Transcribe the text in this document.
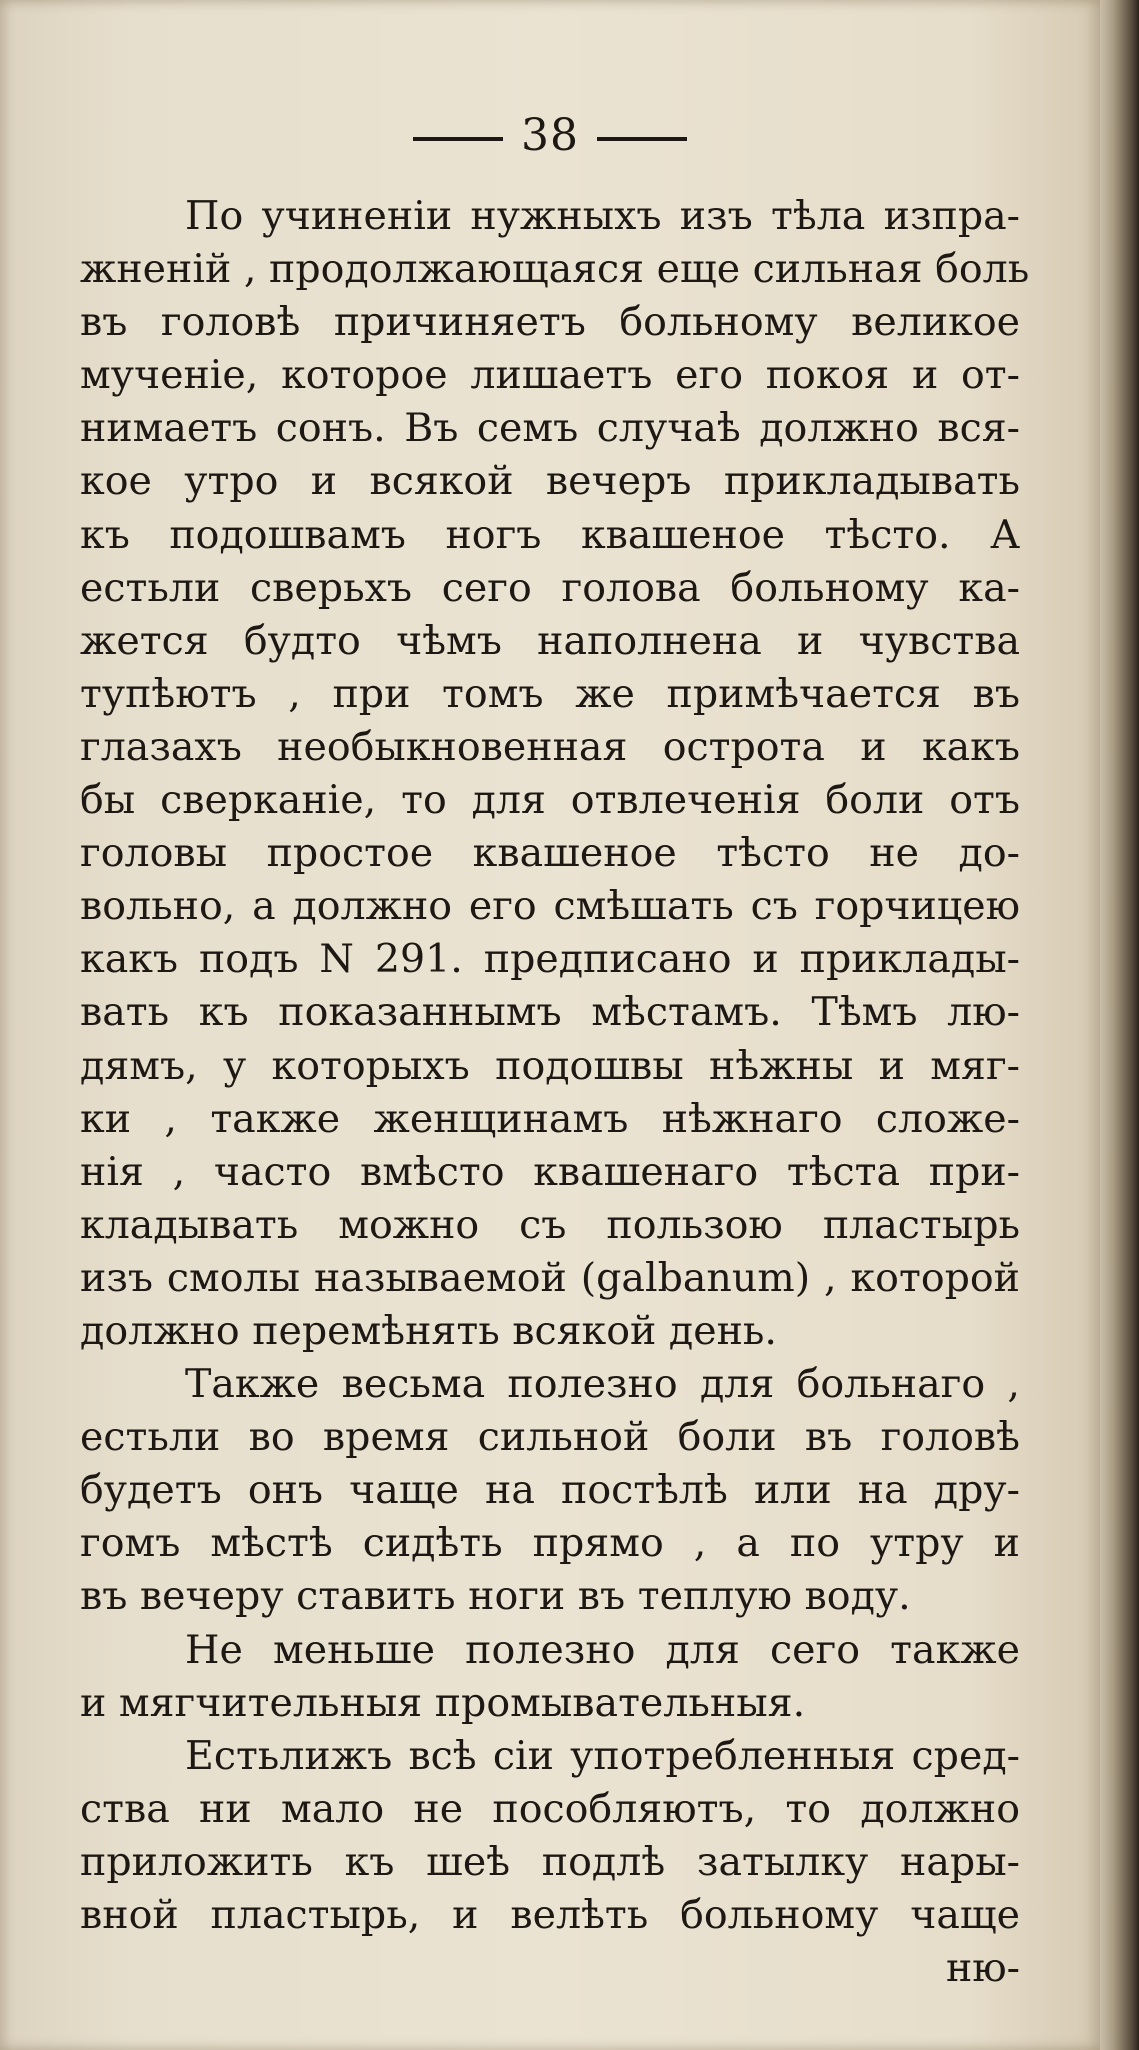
38
По учиненіи нужныхъ изъ тѣла изпра-
жненій , продолжающаяся еще сильная боль
въ головѣ причиняетъ больному великое
мученіе, которое лишаетъ его покоя и от-
нимаетъ сонъ. Въ семъ случаѣ должно вся-
кое утро и всякой вечеръ прикладывать
къ подошвамъ ногъ квашеное тѣсто. А
естьли сверьхъ сего голова больному ка-
жется будто чѣмъ наполнена и чувства
тупѣютъ , при томъ же примѣчается въ
глазахъ необыкновенная острота и какъ
бы сверканіе, то для отвлеченія боли отъ
головы простое квашеное тѣсто не до-
вольно, а должно его смѣшать съ горчицею
какъ подъ N 291. предписано и приклады-
вать къ показаннымъ мѣстамъ. Тѣмъ лю-
дямъ, у которыхъ подошвы нѣжны и мяг-
ки , также женщинамъ нѣжнаго сложе-
нія , часто вмѣсто квашенаго тѣста при-
кладывать можно съ пользою пластырь
изъ смолы называемой (galbanum) , которой
должно перемѣнять всякой день.
Также весьма полезно для больнаго ,
естьли во время сильной боли въ головѣ
будетъ онъ чаще на постѣлѣ или на дру-
гомъ мѣстѣ сидѣть прямо , а по утру и
въ вечеру ставить ноги въ теплую воду.
Не меньше полезно для сего также
и мягчительныя промывательныя.
Естьлижъ всѣ сіи употребленныя сред-
ства ни мало не пособляютъ, то должно
приложить къ шеѣ подлѣ затылку нары-
вной пластырь, и велѣть больному чаще
ню-
